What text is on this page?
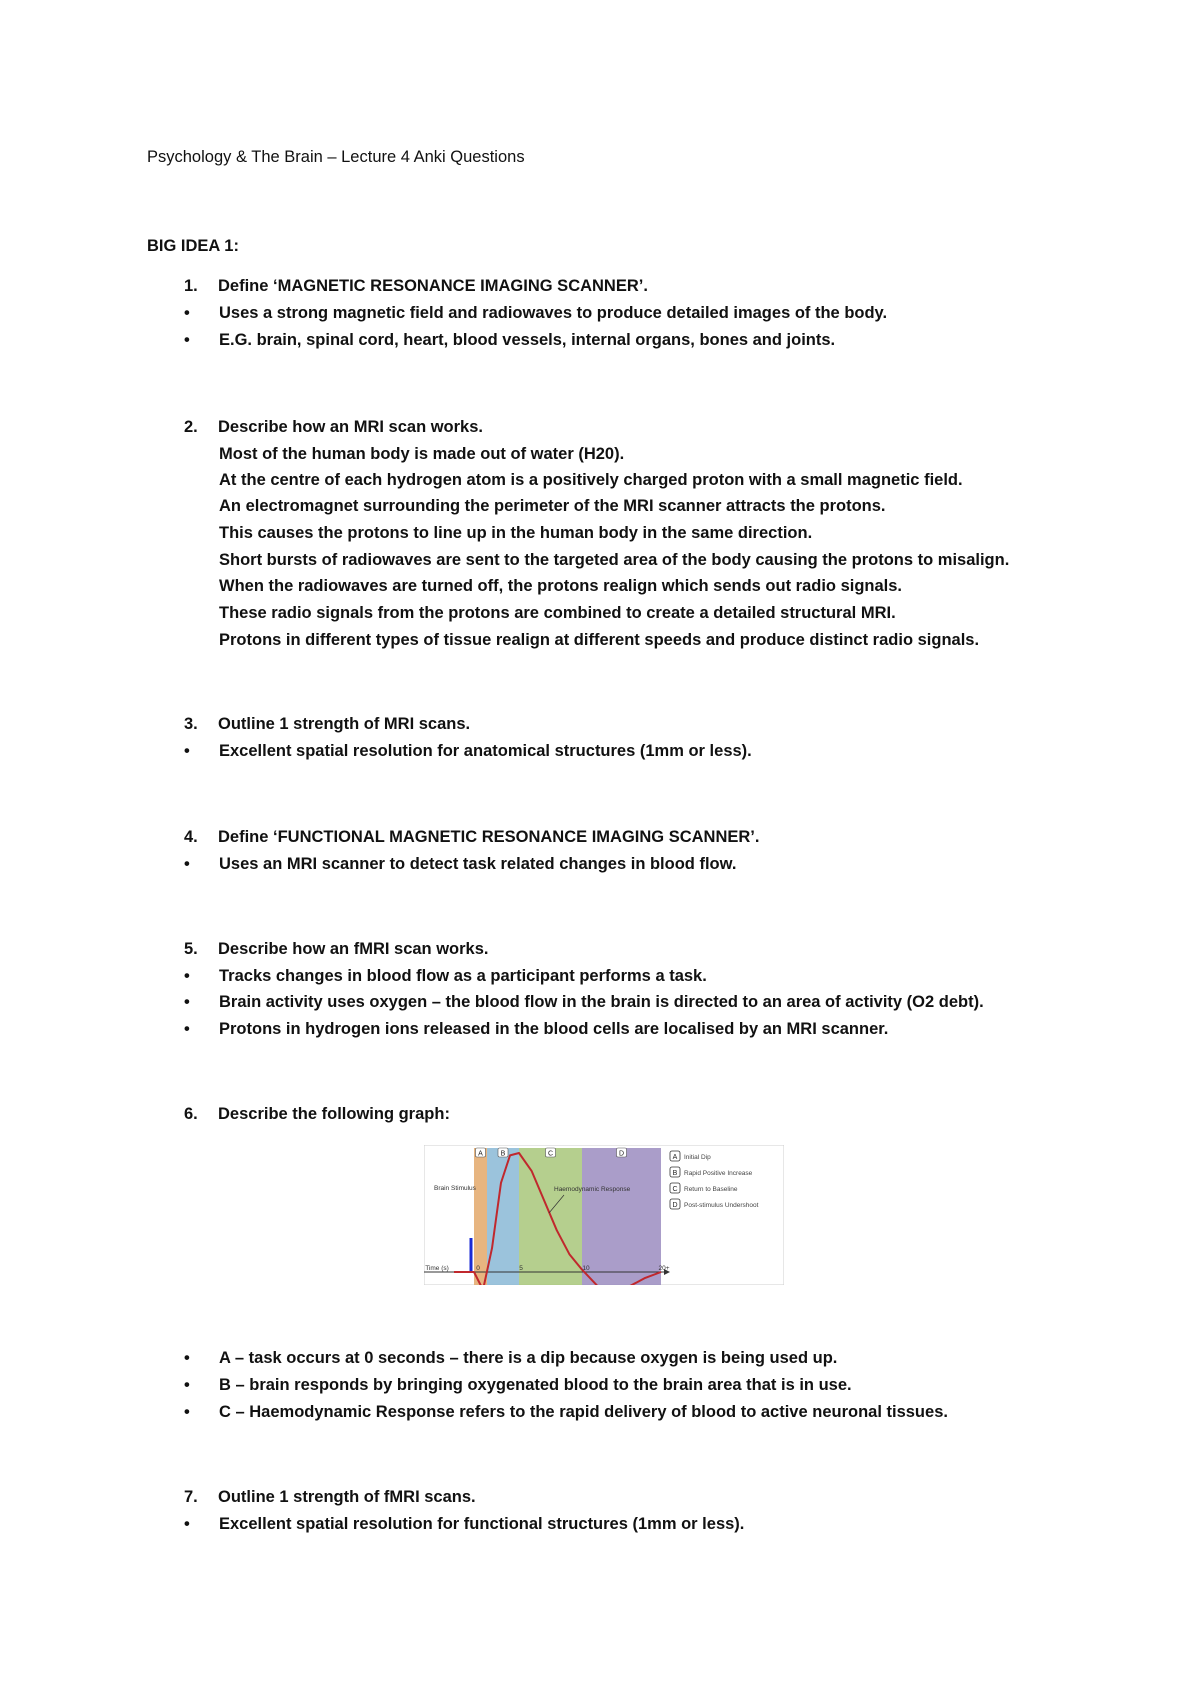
Psychology & The Brain – Lecture 4 Anki Questions
BIG IDEA 1:
1. Define ‘MAGNETIC RESONANCE IMAGING SCANNER’.
• Uses a strong magnetic field and radiowaves to produce detailed images of the body.
• E.G. brain, spinal cord, heart, blood vessels, internal organs, bones and joints.
2. Describe how an MRI scan works.
Most of the human body is made out of water (H20).
At the centre of each hydrogen atom is a positively charged proton with a small magnetic field.
An electromagnet surrounding the perimeter of the MRI scanner attracts the protons.
This causes the protons to line up in the human body in the same direction.
Short bursts of radiowaves are sent to the targeted area of the body causing the protons to misalign.
When the radiowaves are turned off, the protons realign which sends out radio signals.
These radio signals from the protons are combined to create a detailed structural MRI.
Protons in different types of tissue realign at different speeds and produce distinct radio signals.
3. Outline 1 strength of MRI scans.
• Excellent spatial resolution for anatomical structures (1mm or less).
4. Define ‘FUNCTIONAL MAGNETIC RESONANCE IMAGING SCANNER’.
• Uses an MRI scanner to detect task related changes in blood flow.
5. Describe how an fMRI scan works.
• Tracks changes in blood flow as a participant performs a task.
• Brain activity uses oxygen – the blood flow in the brain is directed to an area of activity (O2 debt).
• Protons in hydrogen ions released in the blood cells are localised by an MRI scanner.
6. Describe the following graph:
A	B	C	D	A Initial Dip
B Rapid Positive Increase
C Return to Baseline
D Post-stimulus Undershoot
Brain Stimulus	Haemodynamic Response
Time (s)	0	5	10	20+
• A – task occurs at 0 seconds – there is a dip because oxygen is being used up.
• B – brain responds by bringing oxygenated blood to the brain area that is in use.
• C – Haemodynamic Response refers to the rapid delivery of blood to active neuronal tissues.
7. Outline 1 strength of fMRI scans.
• Excellent spatial resolution for functional structures (1mm or less).
